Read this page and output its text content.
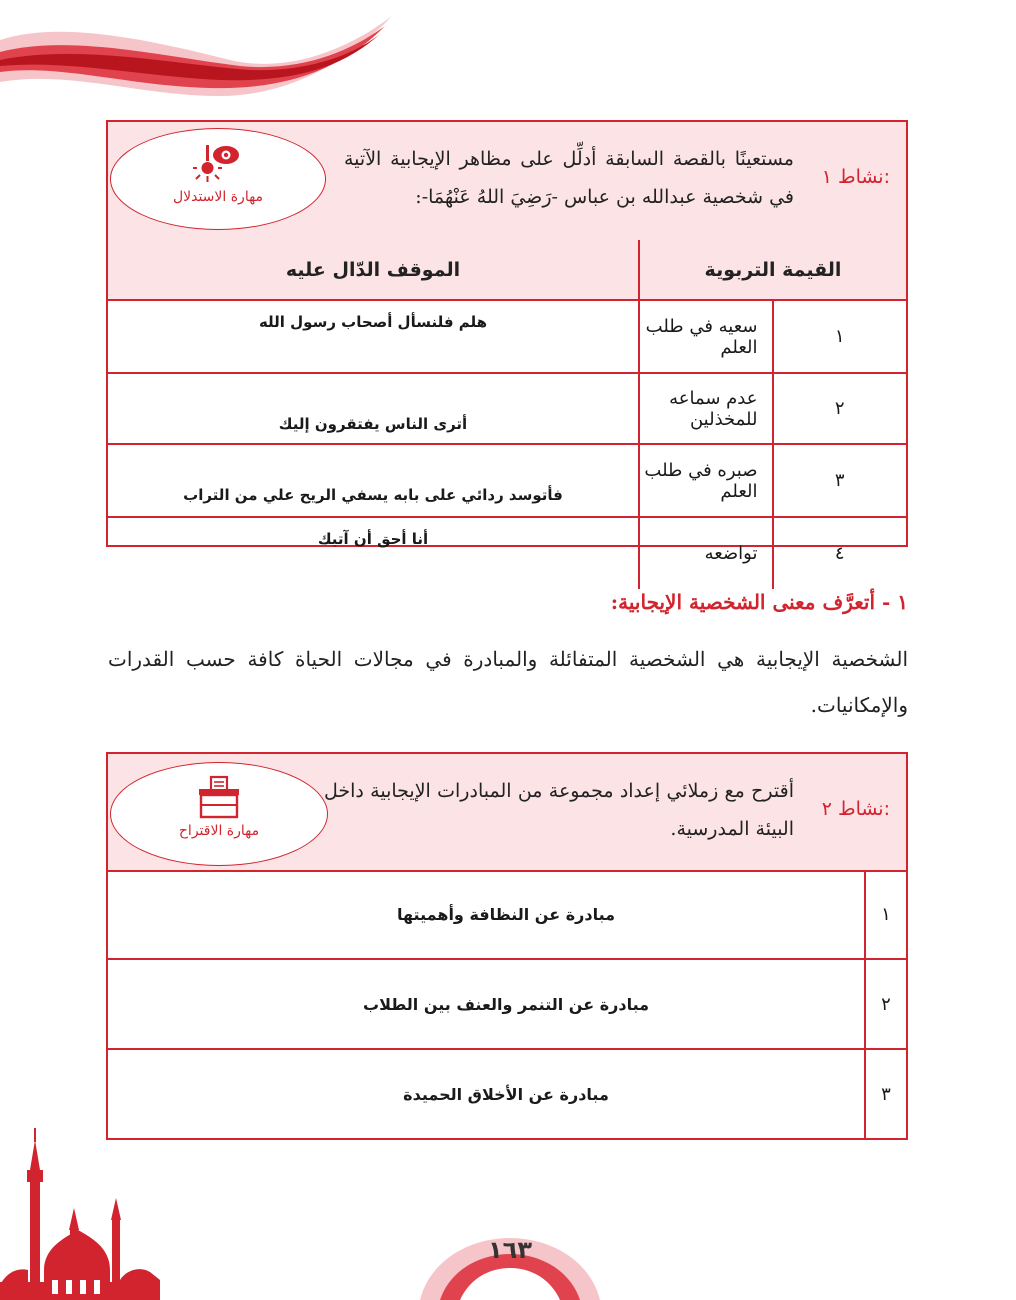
نشاط ١:
مستعينًا بالقصة السابقة أدلِّل على مظاهر الإيجابية الآتية في شخصية عبدالله بن عباس -رَضِيَ اللهُ عَنْهُمَا-:
مهارة الاستدلال
القيمة التربوية		الموقف الدّال عليه
١	سعيه في طلب العلم	هلم فلنسأل أصحاب رسول الله
٢	عدم سماعه للمخذلين	أترى الناس يفتقرون إليك
٣	صبره في طلب العلم	فأتوسد ردائي على بابه يسفي الريح علي من التراب
٤	تواضعه	أنا أحق أن آتيك
١ - أتعرَّف معنى الشخصية الإيجابية:
الشخصية الإيجابية هي الشخصية المتفائلة والمبادرة في مجالات الحياة كافة حسب القدرات والإمكانيات.
نشاط ٢:
أقترح مع زملائي إعداد مجموعة من المبادرات الإيجابية داخل البيئة المدرسية.
مهارة الاقتراح
١	مبادرة عن النظافة وأهميتها
٢	مبادرة عن التنمر والعنف بين الطلاب
٣	مبادرة عن الأخلاق الحميدة
١٦٣
